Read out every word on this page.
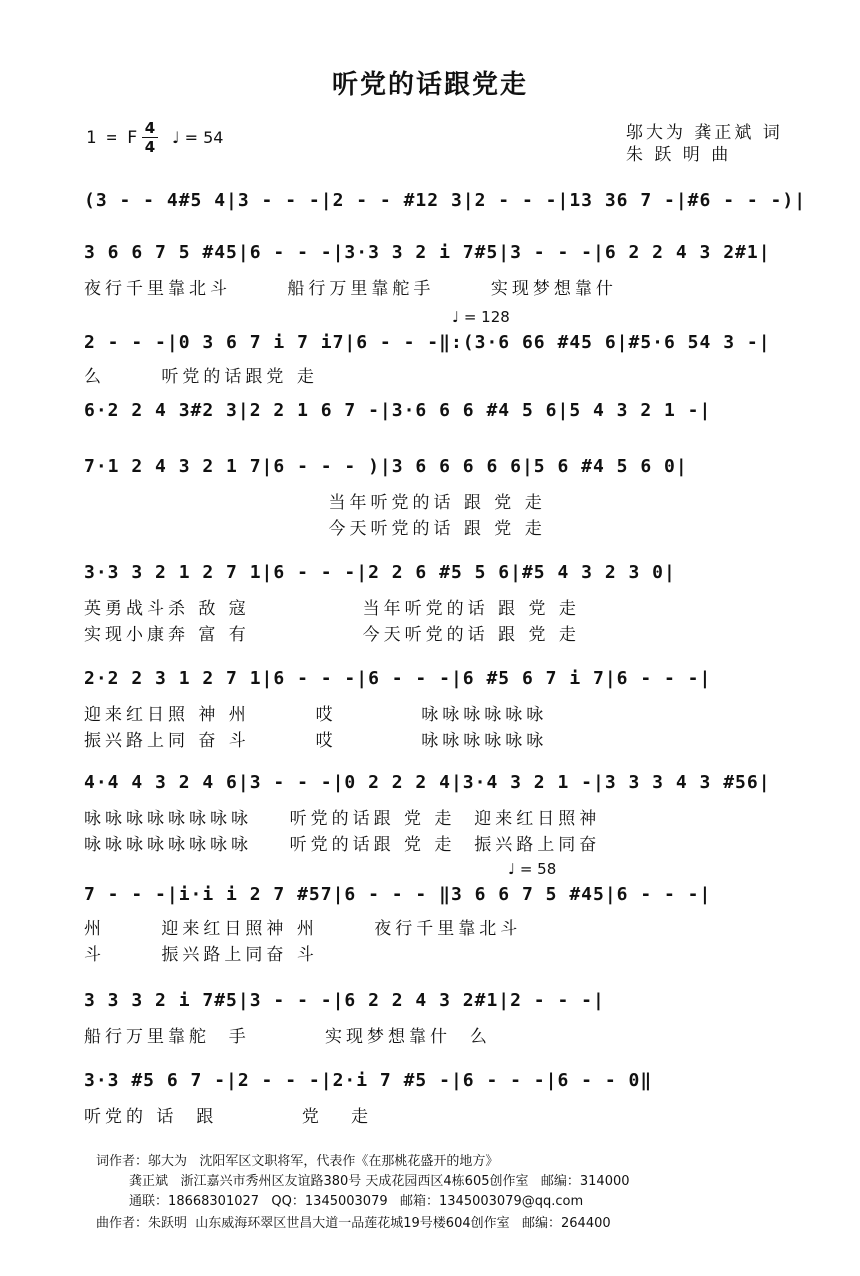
听党的话跟党走
1 = F 4
4 ♩ = 54	邬大为 龚正斌 词
朱 跃 明 曲
(3 - - 4#5 4|3 - - -|2 - - #12 3|2 - - -|13 36 7 -|#6 - - -)|
3 6 6 7 5 #45|6 - - -|3·3 3 2 i 7#5|3 - - -|6 2 2 4 3 2#1|
夜行千里靠北斗      船行万里靠舵手      实现梦想靠什
♩ = 128
2 - - -|0 3 6 7 i 7 i7|6 - - -‖:(3·6 66 #45 6|#5·6 54 3 -|
么      听党的话跟党 走
6·2 2 4 3#2 3|2 2 1 6 7 -|3·6 6 6 #4 5 6|5 4 3 2 1 -|
7·1 2 4 3 2 1 7|6 - - - )|3 6 6 6 6 6|5 6 #4 5 6 0|
当年听党的话 跟 党 走
今天听党的话 跟 党 走
3·3 3 2 1 2 7 1|6 - - -|2 2 6 #5 5 6|#5 4 3 2 3 0|
英勇战斗杀 敌 寇            当年听党的话 跟 党 走
实现小康奔 富 有            今天听党的话 跟 党 走
2·2 2 3 1 2 7 1|6 - - -|6 - - -|6 #5 6 7 i 7|6 - - -|
迎来红日照 神 州       哎         咏咏咏咏咏咏
振兴路上同 奋 斗       哎         咏咏咏咏咏咏
4·4 4 3 2 4 6|3 - - -|0 2 2 2 4|3·4 3 2 1 -|3 3 3 4 3 #56|
咏咏咏咏咏咏咏咏    听党的话跟 党 走  迎来红日照神
咏咏咏咏咏咏咏咏    听党的话跟 党 走  振兴路上同奋
♩ = 58
7 - - -|i·i i 2 7 #57|6 - - - ‖3 6 6 7 5 #45|6 - - -|
州      迎来红日照神 州      夜行千里靠北斗
斗      振兴路上同奋 斗
3 3 3 2 i 7#5|3 - - -|6 2 2 4 3 2#1|2 - - -|
船行万里靠舵  手        实现梦想靠什  么
3·3 #5 6 7 -|2 - - -|2·i 7 #5 -|6 - - -|6 - - 0‖
听党的 话  跟         党   走
词作者：邬大为   沈阳军区文职将军，代表作《在那桃花盛开的地方》
龚正斌   浙江嘉兴市秀州区友谊路380号 天成花园西区4栋605创作室   邮编：314000
通联：18668301027   QQ：1345003079   邮箱：1345003079@qq.com
曲作者：朱跃明  山东威海环翠区世昌大道一品莲花城19号楼604创作室   邮编：264400
